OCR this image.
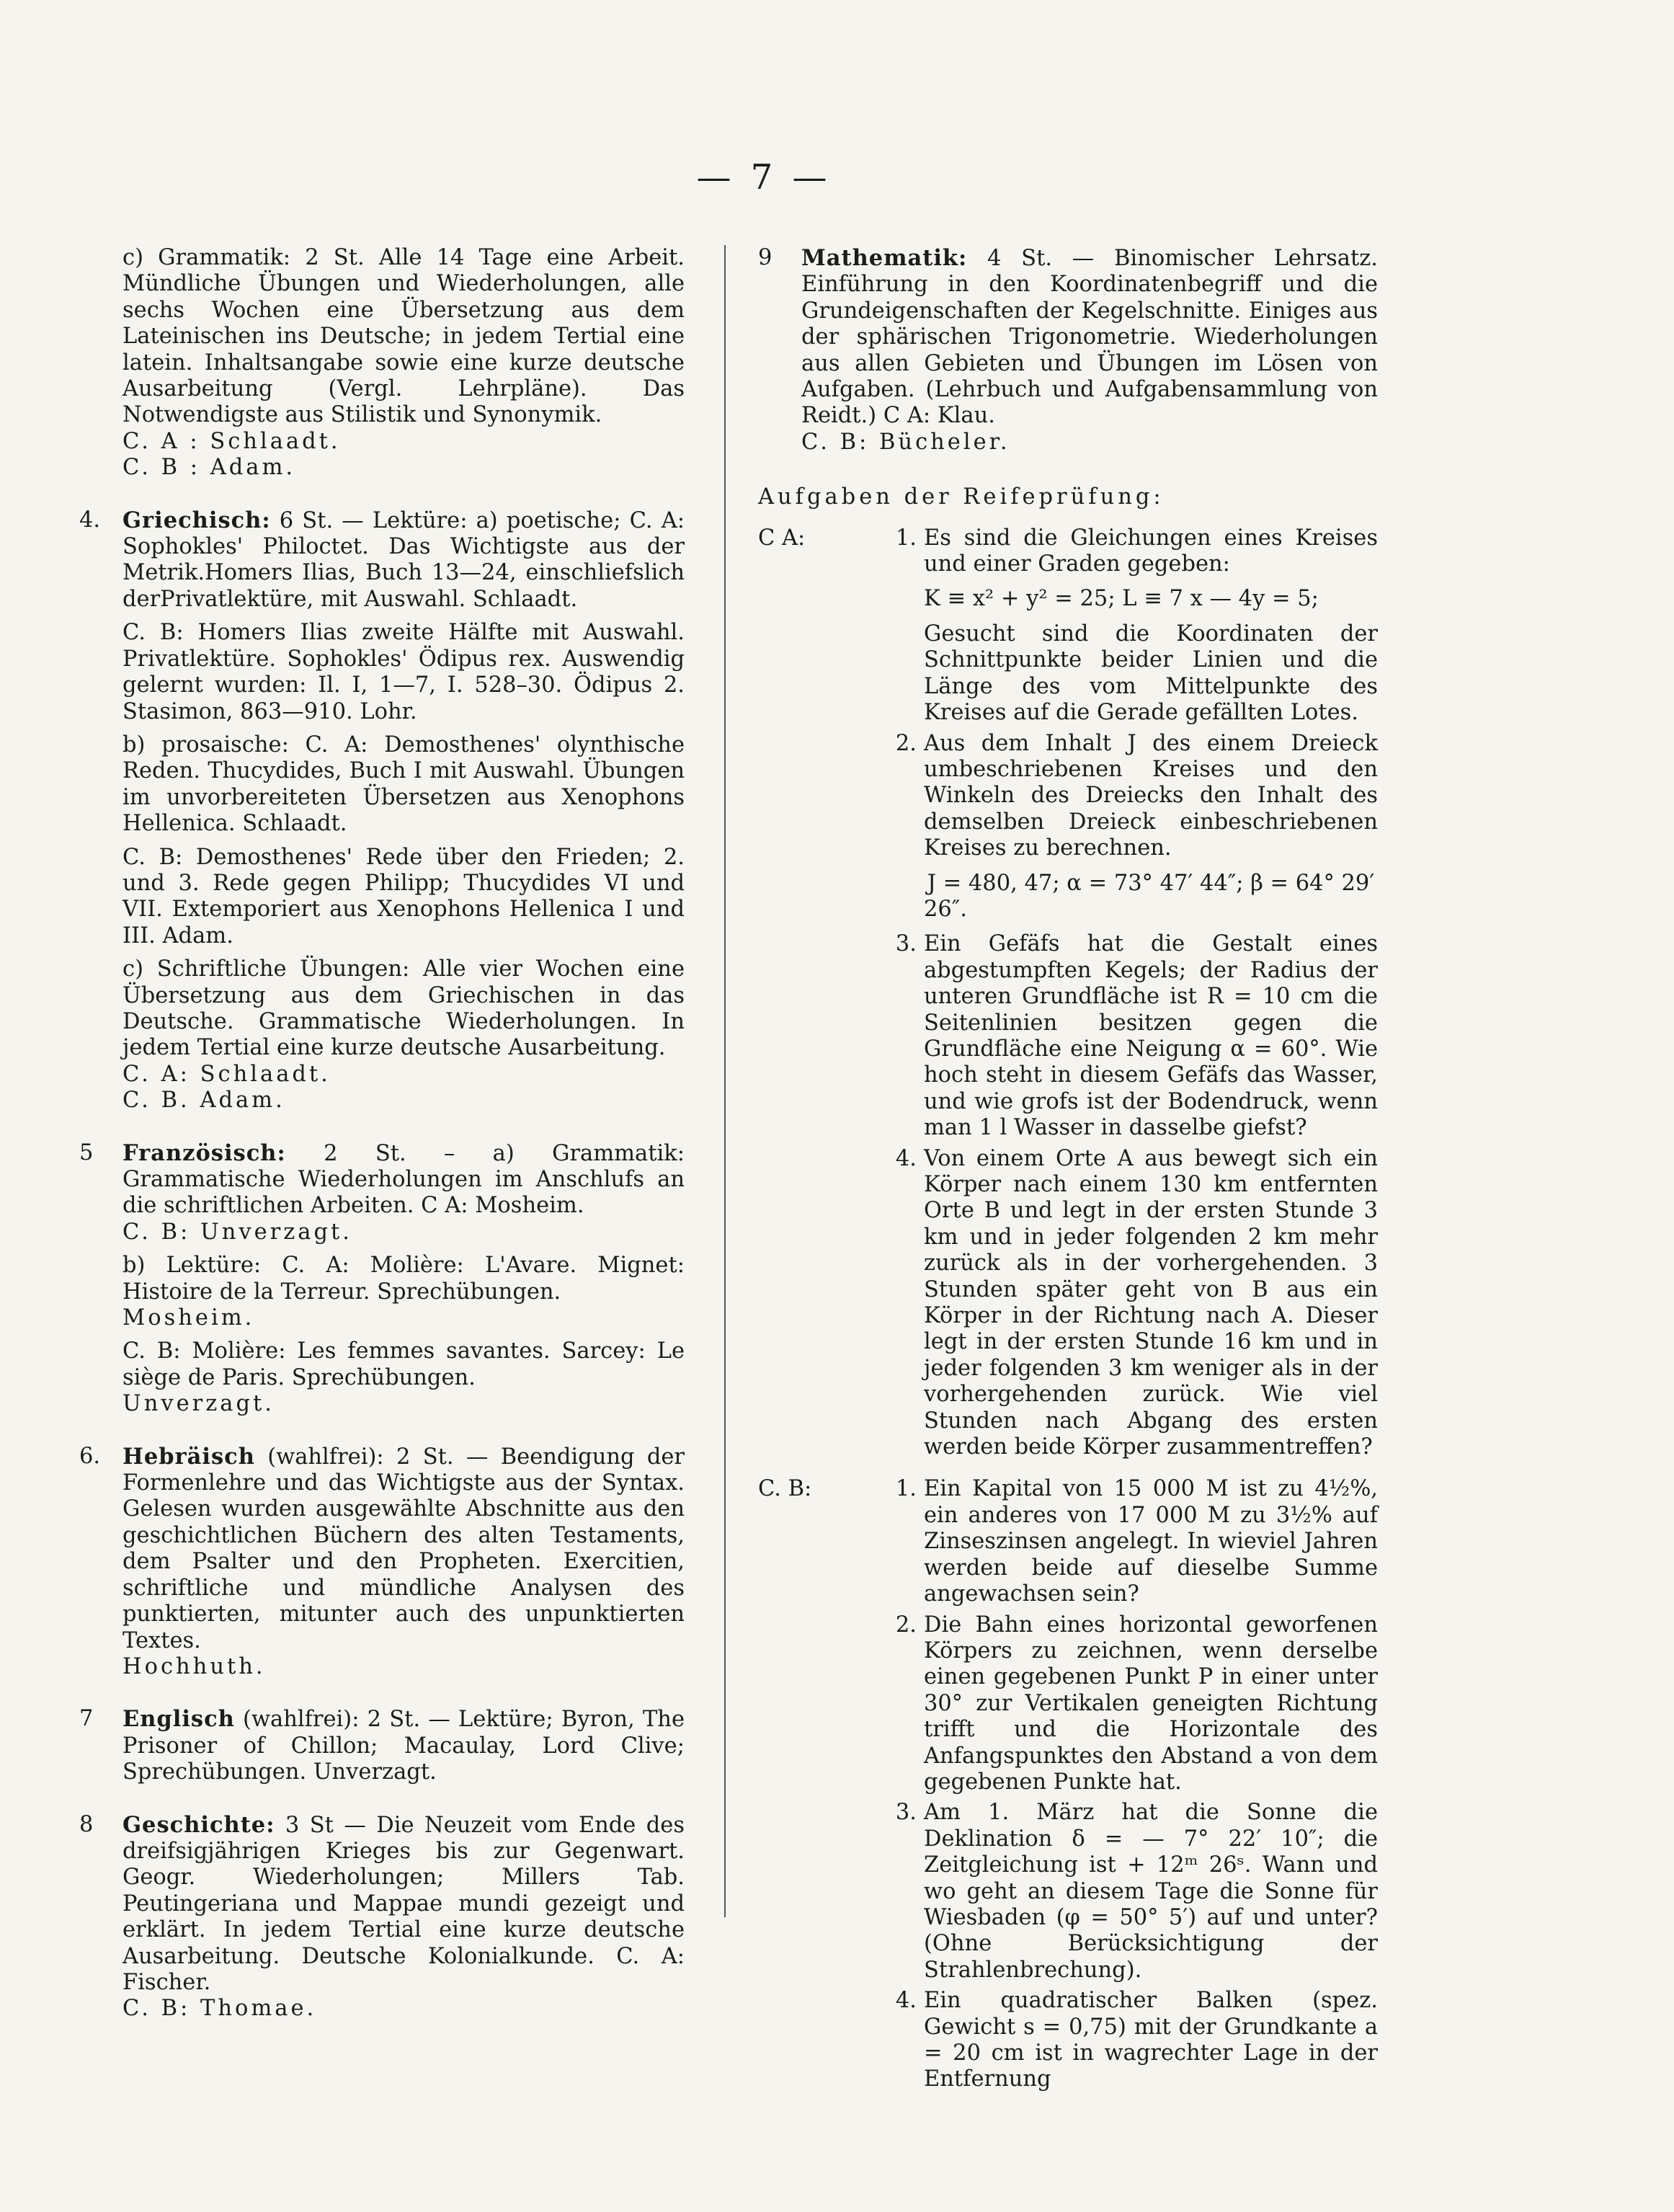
— 7 —

c) Grammatik: 2 St. Alle 14 Tage eine Arbeit. Mündliche Übungen und Wiederholungen, alle sechs Wochen eine Übersetzung aus dem Lateinischen ins Deutsche; in jedem Tertial eine latein. Inhaltsangabe sowie eine kurze deutsche Ausarbeitung (Vergl. Lehrpläne). Das Notwendigste aus Stilistik und Synonymik.

C. A : Schlaadt.

C. B : Adam.

4.	Griechisch: 6 St. — Lektüre: a) poetische; C. A: Sophokles' Philoctet. Das Wichtigste aus der Metrik.Homers Ilias, Buch 13—24, einschliefslich derPrivatlektüre, mit Auswahl. Schlaadt.

C. B: Homers Ilias zweite Hälfte mit Auswahl. Privatlektüre. Sophokles' Ödipus rex. Auswendig gelernt wurden: Il. I, 1—7, I. 528–30. Ödipus 2. Stasimon, 863—910. Lohr.

b) prosaische: C. A: Demosthenes' olynthische Reden. Thucydides, Buch I mit Auswahl. Übungen im unvorbereiteten Übersetzen aus Xenophons Hellenica. Schlaadt.

C. B: Demosthenes' Rede über den Frieden; 2. und 3. Rede gegen Philipp; Thucydides VI und VII. Extemporiert aus Xenophons Hellenica I und III. Adam.

c) Schriftliche Übungen: Alle vier Wochen eine Übersetzung aus dem Griechischen in das Deutsche. Grammatische Wiederholungen. In jedem Tertial eine kurze deutsche Ausarbeitung.

C. A: Schlaadt.

C. B. Adam.

5	Französisch: 2 St. – a) Grammatik: Grammatische Wiederholungen im Anschlufs an die schriftlichen Arbeiten. C A: Mosheim.

C. B: Unverzagt.

b) Lektüre: C. A: Molière: L'Avare. Mignet: Histoire de la Terreur. Sprechübungen.

Mosheim.

C. B: Molière: Les femmes savantes. Sarcey: Le siège de Paris. Sprechübungen.

Unverzagt.

6.	Hebräisch (wahlfrei): 2 St. — Beendigung der Formenlehre und das Wichtigste aus der Syntax. Gelesen wurden ausgewählte Abschnitte aus den geschichtlichen Büchern des alten Testaments, dem Psalter und den Propheten. Exercitien, schriftliche und mündliche Analysen des punktierten, mitunter auch des unpunktierten Textes.

Hochhuth.

7	Englisch (wahlfrei): 2 St. — Lektüre; Byron, The Prisoner of Chillon; Macaulay, Lord Clive; Sprechübungen. Unverzagt.

8	Geschichte: 3 St — Die Neuzeit vom Ende des dreifsigjährigen Krieges bis zur Gegenwart. Geogr. Wiederholungen; Millers Tab. Peutingeriana und Mappae mundi gezeigt und erklärt. In jedem Tertial eine kurze deutsche Ausarbeitung. Deutsche Kolonialkunde. C. A: Fischer.

C. B: Thomae.

9	Mathematik: 4 St. — Binomischer Lehrsatz. Einführung in den Koordinatenbegriff und die Grundeigenschaften der Kegelschnitte. Einiges aus der sphärischen Trigonometrie. Wiederholungen aus allen Gebieten und Übungen im Lösen von Aufgaben. (Lehrbuch und Aufgabensammlung von Reidt.) C A: Klau.

C. B: Bücheler.

Aufgaben der Reifeprüfung:

C A:	1. Es sind die Gleichungen eines Kreises und einer Graden gegeben:

K ≡ x² + y² = 25; L ≡ 7 x — 4y = 5;

Gesucht sind die Koordinaten der Schnittpunkte beider Linien und die Länge des vom Mittelpunkte des Kreises auf die Gerade gefällten Lotes.

2. Aus dem Inhalt J des einem Dreieck umbeschriebenen Kreises und den Winkeln des Dreiecks den Inhalt des demselben Dreieck einbeschriebenen Kreises zu berechnen.

J = 480, 47; α = 73° 47′ 44″; β = 64° 29′ 26″.

3. Ein Gefäfs hat die Gestalt eines abgestumpften Kegels; der Radius der unteren Grundfläche ist R = 10 cm die Seitenlinien besitzen gegen die Grundfläche eine Neigung α = 60°. Wie hoch steht in diesem Gefäfs das Wasser, und wie grofs ist der Bodendruck, wenn man 1 l Wasser in dasselbe giefst?

4. Von einem Orte A aus bewegt sich ein Körper nach einem 130 km entfernten Orte B und legt in der ersten Stunde 3 km und in jeder folgenden 2 km mehr zurück als in der vorhergehenden. 3 Stunden später geht von B aus ein Körper in der Richtung nach A. Dieser legt in der ersten Stunde 16 km und in jeder folgenden 3 km weniger als in der vorhergehenden zurück. Wie viel Stunden nach Abgang des ersten werden beide Körper zusammentreffen?

C. B:	1. Ein Kapital von 15 000 M ist zu 4½%, ein anderes von 17 000 M zu 3½% auf Zinseszinsen angelegt. In wieviel Jahren werden beide auf dieselbe Summe angewachsen sein?

2. Die Bahn eines horizontal geworfenen Körpers zu zeichnen, wenn derselbe einen gegebenen Punkt P in einer unter 30° zur Vertikalen geneigten Richtung trifft und die Horizontale des Anfangspunktes den Abstand a von dem gegebenen Punkte hat.

3. Am 1. März hat die Sonne die Deklination δ = — 7° 22′ 10″; die Zeitgleichung ist + 12ᵐ 26ˢ. Wann und wo geht an diesem Tage die Sonne für Wiesbaden (φ = 50° 5′) auf und unter? (Ohne Berücksichtigung der Strahlenbrechung).

4. Ein quadratischer Balken (spez. Gewicht s = 0,75) mit der Grundkante a = 20 cm ist in wagrechter Lage in der Entfernung
